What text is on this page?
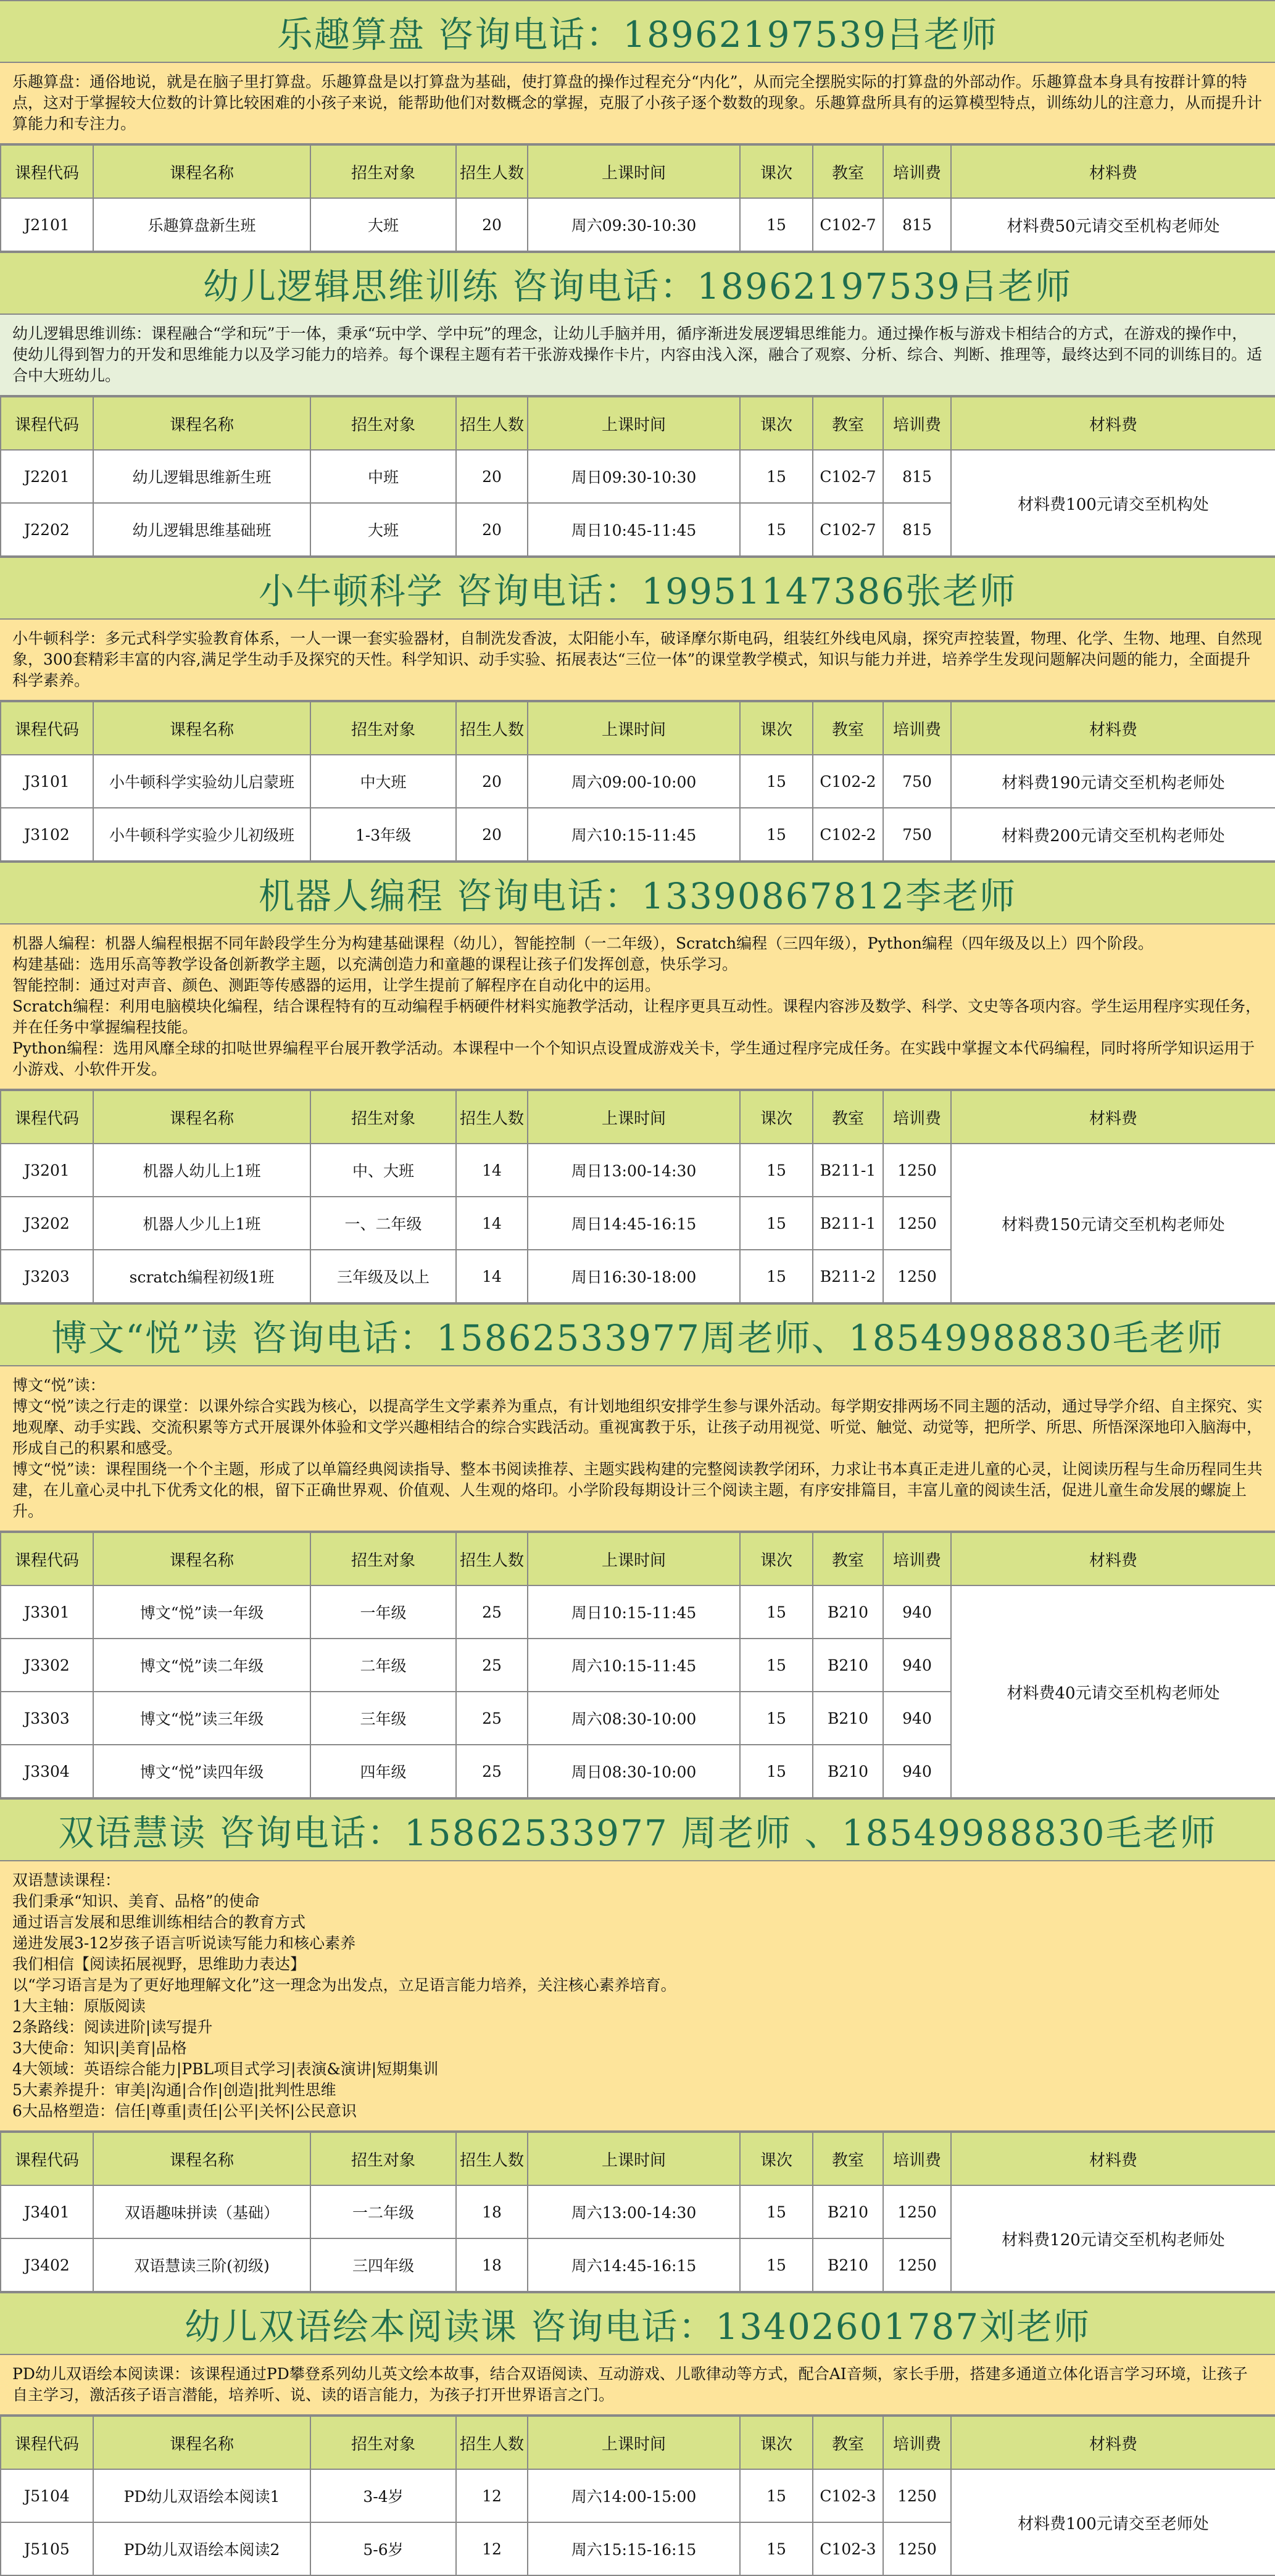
乐趣算盘 咨询电话：18962197539吕老师
乐趣算盘：通俗地说，就是在脑子里打算盘。乐趣算盘是以打算盘为基础，使打算盘的操作过程充分“内化”，从而完全摆脱实际的打算盘的外部动作。乐趣算盘本身具有按群计算的特点，这对于掌握较大位数的计算比较困难的小孩子来说，能帮助他们对数概念的掌握，克服了小孩子逐个数数的现象。乐趣算盘所具有的运算模型特点，训练幼儿的注意力，从而提升计算能力和专注力。
课程代码	课程名称	招生对象	招生人数	上课时间	课次	教室	培训费	材料费
J2101	乐趣算盘新生班	大班	20	周六09:30-10:30	15	C102-7	815	材料费50元请交至机构老师处
幼儿逻辑思维训练 咨询电话：18962197539吕老师
幼儿逻辑思维训练：课程融合“学和玩”于一体，秉承“玩中学、学中玩”的理念，让幼儿手脑并用，循序渐进发展逻辑思维能力。通过操作板与游戏卡相结合的方式，在游戏的操作中，使幼儿得到智力的开发和思维能力以及学习能力的培养。每个课程主题有若干张游戏操作卡片，内容由浅入深，融合了观察、分析、综合、判断、推理等，最终达到不同的训练目的。适合中大班幼儿。
课程代码	课程名称	招生对象	招生人数	上课时间	课次	教室	培训费	材料费
J2201	幼儿逻辑思维新生班	中班	20	周日09:30-10:30	15	C102-7	815	材料费100元请交至机构处
J2202	幼儿逻辑思维基础班	大班	20	周日10:45-11:45	15	C102-7	815	
小牛顿科学 咨询电话：19951147386张老师
小牛顿科学：多元式科学实验教育体系，一人一课一套实验器材，自制洗发香波，太阳能小车，破译摩尔斯电码，组装红外线电风扇，探究声控装置，物理、化学、生物、地理、自然现象，300套精彩丰富的内容,满足学生动手及探究的天性。科学知识、动手实验、拓展表达“三位一体”的课堂教学模式，知识与能力并进，培养学生发现问题解决问题的能力，全面提升科学素养。
课程代码	课程名称	招生对象	招生人数	上课时间	课次	教室	培训费	材料费
J3101	小牛顿科学实验幼儿启蒙班	中大班	20	周六09:00-10:00	15	C102-2	750	材料费190元请交至机构老师处
J3102	小牛顿科学实验少儿初级班	1-3年级	20	周六10:15-11:45	15	C102-2	750	材料费200元请交至机构老师处
机器人编程 咨询电话：13390867812李老师
机器人编程：机器人编程根据不同年龄段学生分为构建基础课程（幼儿），智能控制（一二年级），Scratch编程（三四年级），Python编程（四年级及以上）四个阶段。
构建基础：选用乐高等教学设备创新教学主题，以充满创造力和童趣的课程让孩子们发挥创意，快乐学习。
智能控制：通过对声音、颜色、测距等传感器的运用，让学生提前了解程序在自动化中的运用。
Scratch编程：利用电脑模块化编程，结合课程特有的互动编程手柄硬件材料实施教学活动，让程序更具互动性。课程内容涉及数学、科学、文史等各项内容。学生运用程序实现任务，并在任务中掌握编程技能。
Python编程：选用风靡全球的扣哒世界编程平台展开教学活动。本课程中一个个知识点设置成游戏关卡，学生通过程序完成任务。在实践中掌握文本代码编程，同时将所学知识运用于小游戏、小软件开发。
课程代码	课程名称	招生对象	招生人数	上课时间	课次	教室	培训费	材料费
J3201	机器人幼儿上1班	中、大班	14	周日13:00-14:30	15	B211-1	1250	材料费150元请交至机构老师处
J3202	机器人少儿上1班	一、二年级	14	周日14:45-16:15	15	B211-1	1250	
J3203	scratch编程初级1班	三年级及以上	14	周日16:30-18:00	15	B211-2	1250	
博文“悦”读 咨询电话：15862533977周老师、18549988830毛老师
博文“悦”读：
博文“悦”读之行走的课堂：以课外综合实践为核心，以提高学生文学素养为重点，有计划地组织安排学生参与课外活动。每学期安排两场不同主题的活动，通过导学介绍、自主探究、实地观摩、动手实践、交流积累等方式开展课外体验和文学兴趣相结合的综合实践活动。重视寓教于乐，让孩子动用视觉、听觉、触觉、动觉等，把所学、所思、所悟深深地印入脑海中，形成自己的积累和感受。
博文“悦”读：课程围绕一个个主题，形成了以单篇经典阅读指导、整本书阅读推荐、主题实践构建的完整阅读教学闭环，力求让书本真正走进儿童的心灵，让阅读历程与生命历程同生共建，在儿童心灵中扎下优秀文化的根，留下正确世界观、价值观、人生观的烙印。小学阶段每期设计三个阅读主题，有序安排篇目，丰富儿童的阅读生活，促进儿童生命发展的螺旋上升。
课程代码	课程名称	招生对象	招生人数	上课时间	课次	教室	培训费	材料费
J3301	博文“悦”读一年级	一年级	25	周日10:15-11:45	15	B210	940	材料费40元请交至机构老师处
J3302	博文“悦”读二年级	二年级	25	周六10:15-11:45	15	B210	940	
J3303	博文“悦”读三年级	三年级	25	周六08:30-10:00	15	B210	940	
J3304	博文“悦”读四年级	四年级	25	周日08:30-10:00	15	B210	940	
双语慧读 咨询电话：15862533977 周老师 、18549988830毛老师
双语慧读课程：
我们秉承“知识、美育、品格”的使命
通过语言发展和思维训练相结合的教育方式
递进发展3-12岁孩子语言听说读写能力和核心素养
我们相信【阅读拓展视野，思维助力表达】
以“学习语言是为了更好地理解文化”这一理念为出发点，立足语言能力培养，关注核心素养培育。
1大主轴：原版阅读
2条路线：阅读进阶|读写提升
3大使命：知识|美育|品格
4大领域：英语综合能力|PBL项目式学习|表演&演讲|短期集训
5大素养提升：审美|沟通|合作|创造|批判性思维
6大品格塑造：信任|尊重|责任|公平|关怀|公民意识
课程代码	课程名称	招生对象	招生人数	上课时间	课次	教室	培训费	材料费
J3401	双语趣味拼读（基础）	一二年级	18	周六13:00-14:30	15	B210	1250	材料费120元请交至机构老师处
J3402	双语慧读三阶(初级)	三四年级	18	周六14:45-16:15	15	B210	1250	
幼儿双语绘本阅读课 咨询电话：13402601787刘老师
PD幼儿双语绘本阅读课：该课程通过PD攀登系列幼儿英文绘本故事，结合双语阅读、互动游戏、儿歌律动等方式，配合AI音频，家长手册，搭建多通道立体化语言学习环境，让孩子自主学习，激活孩子语言潜能，培养听、说、读的语言能力，为孩子打开世界语言之门。
课程代码	课程名称	招生对象	招生人数	上课时间	课次	教室	培训费	材料费
J5104	PD幼儿双语绘本阅读1	3-4岁	12	周六14:00-15:00	15	C102-3	1250	材料费100元请交至老师处
J5105	PD幼儿双语绘本阅读2	5-6岁	12	周六15:15-16:15	15	C102-3	1250	
